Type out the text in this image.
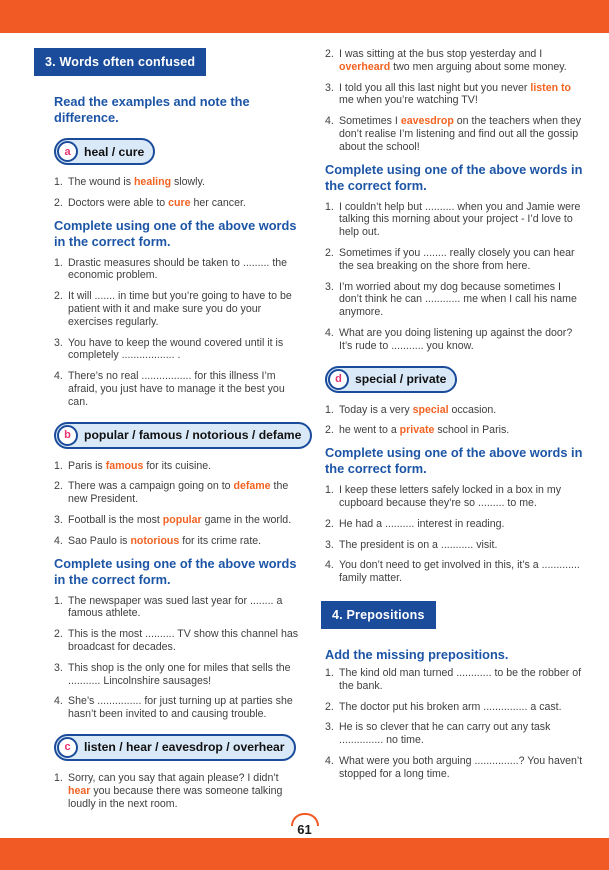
3. Words often confused
Read the examples and note the difference.
a	heal / cure
1. The wound is healing slowly.
2. Doctors were able to cure her cancer.
Complete using one of the above words in the correct form.
1. Drastic measures should be taken to ......... the economic problem.
2. It will ....... in time but you’re going to have to be patient with it and make sure you do your exercises regularly.
3. You have to keep the wound covered until it is completely .................. .
4. There’s no real ................. for this illness I’m afraid, you just have to manage it the best you can.
b	popular / famous / notorious / defame
1. Paris is famous for its cuisine.
2. There was a campaign going on to defame the new President.
3. Football is the most popular game in the world.
4. Sao Paulo is notorious for its crime rate.
Complete using one of the above words in the correct form.
1. The newspaper was sued last year for ........ a famous athlete.
2. This is the most .......... TV show this channel has broadcast for decades.
3. This shop is the only one for miles that sells the ........... Lincolnshire sausages!
4. She’s ............... for just turning up at parties she hasn’t been invited to and causing trouble.
c	listen / hear / eavesdrop / overhear
1. Sorry, can you say that again please? I didn’t hear you because there was someone talking loudly in the next room.
2. I was sitting at the bus stop yesterday and I overheard two men arguing about some money.
3. I told you all this last night but you never listen to me when you’re watching TV!
4. Sometimes I eavesdrop on the teachers when they don’t realise I’m listening and find out all the gossip about the school!
Complete using one of the above words in the correct form.
1. I couldn’t help but .......... when you and Jamie were talking this morning about your project - I’d love to help out.
2. Sometimes if you ........ really closely you can hear the sea breaking on the shore from here.
3. I’m worried about my dog because sometimes I don’t think he can ............ me when I call his name anymore.
4. What are you doing listening up against the door? It’s rude to ........... you know.
d	special / private
1. Today is a very special occasion.
2. he went to a private school in Paris.
Complete using one of the above words in the correct form.
1. I keep these letters safely locked in a box in my cupboard because they’re so ......... to me.
2. He had a .......... interest in reading.
3. The president is on a ........... visit.
4. You don’t need to get involved in this, it’s a ............. family matter.
4. Prepositions
Add the missing prepositions.
1. The kind old man turned ............ to be the robber of the bank.
2. The doctor put his broken arm ............... a cast.
3. He is so clever that he can carry out any task ............... no time.
4. What were you both arguing ...............? You haven’t stopped for a long time.
61
